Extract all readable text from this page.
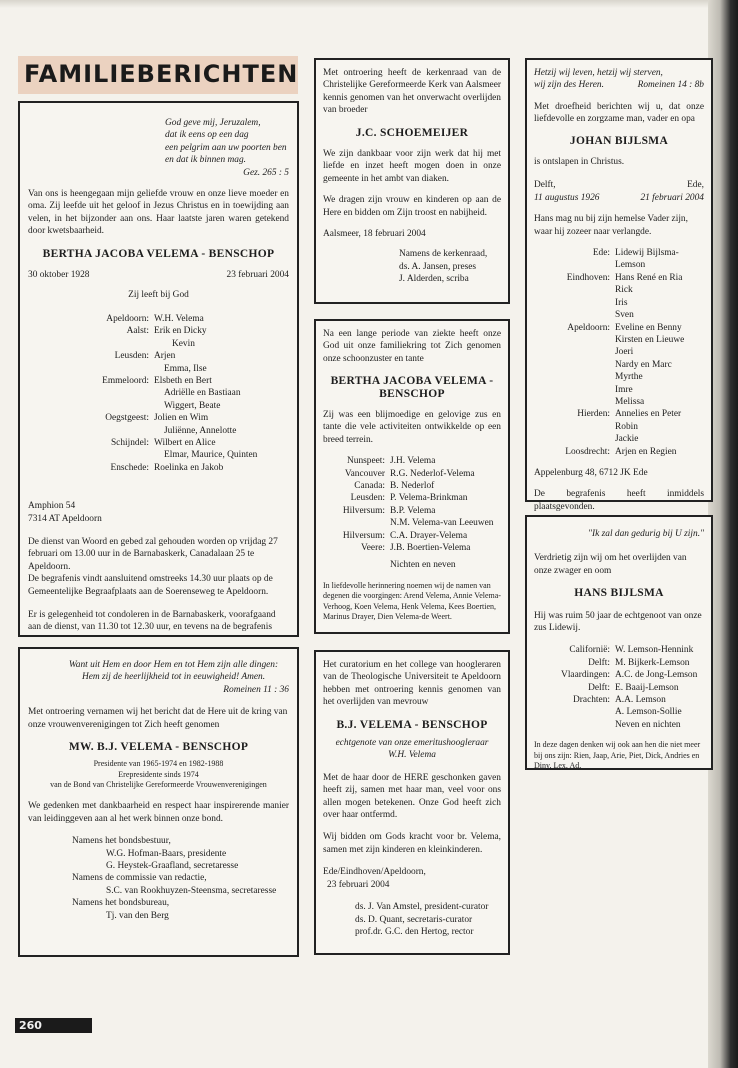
FAMILIEBERICHTEN

God geve mij, Jeruzalem,

dat ik eens op een dag

een pelgrim aan uw poorten ben

en dat ik binnen mag.

Gez. 265 : 5

Van ons is heengegaan mijn geliefde vrouw en onze lieve moeder en oma. Zij leefde uit het geloof in Jezus Christus en in toewijding aan velen, in het bijzonder aan ons. Haar laatste jaren waren getekend door kwetsbaarheid.

BERTHA JACOBA VELEMA - BENSCHOP

30 oktober 1928	23 februari 2004

Zij leeft bij God

Apeldoorn: W.H. Velema
Aalst: Erik en Dicky
Kevin
Leusden: Arjen
Emma, Ilse
Emmeloord: Elsbeth en Bert
Adriëlle en Bastiaan
Wiggert, Beate
Oegstgeest: Jolien en Wim
Juliënne, Annelotte
Schijndel: Wilbert en Alice
Elmar, Maurice, Quinten
Enschede: Roelinka en Jakob

Amphion 54

7314 AT Apeldoorn

De dienst van Woord en gebed zal gehouden worden op vrijdag 27 februari om 13.00 uur in de Barnabaskerk, Canadalaan 25 te Apeldoorn.

De begrafenis vindt aansluitend omstreeks 14.30 uur plaats op de Gemeentelijke Begraafplaats aan de Soerenseweg te Apeldoorn.

Er is gelegenheid tot condoleren in de Barnabaskerk, voorafgaand aan de dienst, van 11.30 tot 12.30 uur, en tevens na de begrafenis

Want uit Hem en door Hem en tot Hem zijn alle dingen:

Hem zij de heerlijkheid tot in eeuwigheid! Amen.

Romeinen 11 : 36

Met ontroering vernamen wij het bericht dat de Here uit de kring van onze vrouwenverenigingen tot Zich heeft genomen

MW. B.J. VELEMA - BENSCHOP

Presidente van 1965-1974 en 1982-1988

Erepresidente sinds 1974

van de Bond van Christelijke Gereformeerde Vrouwenverenigingen

We gedenken met dankbaarheid en respect haar inspirerende manier van leidinggeven aan al het werk binnen onze bond.

Namens het bondsbestuur,

W.G. Hofman-Baars, presidente

G. Heystek-Graafland, secretaresse

Namens de commissie van redactie,

S.C. van Rookhuyzen-Steensma, secretaresse

Namens het bondsbureau,

Tj. van den Berg

Met ontroering heeft de kerkenraad van de Christelijke Gereformeerde Kerk van Aalsmeer kennis genomen van het onverwacht overlijden van broeder

J.C. SCHOEMEIJER

We zijn dankbaar voor zijn werk dat hij met liefde en inzet heeft mogen doen in onze gemeente in het ambt van diaken.

We dragen zijn vrouw en kinderen op aan de Here en bidden om Zijn troost en nabijheid.

Aalsmeer, 18 februari 2004

Namens de kerkenraad,

ds. A. Jansen, preses

J. Alderden, scriba

Na een lange periode van ziekte heeft onze God uit onze familiekring tot Zich genomen onze schoonzuster en tante

BERTHA JACOBA VELEMA -

BENSCHOP

Zij was een blijmoedige en gelovige zus en tante die vele activiteiten ontwikkelde op een breed terrein.

Nunspeet: J.H. Velema
Vancouver R.G. Nederlof-Velema
Canada: B. Nederlof
Leusden: P. Velema-Brinkman
Hilversum: B.P. Velema
N.M. Velema-van Leeuwen
Hilversum: C.A. Drayer-Velema
Veere: J.B. Boertien-Velema
Nichten en neven

In liefdevolle herinnering noemen wij de namen van degenen die voorgingen: Arend Velema, Annie Velema-Verhoog, Koen Velema, Henk Velema, Kees Boertien, Marinus Drayer, Dien Velema-de Weert.

Het curatorium en het college van hoogleraren van de Theologische Universiteit te Apeldoorn hebben met ontroering kennis genomen van het overlijden van mevrouw

B.J. VELEMA - BENSCHOP

echtgenote van onze emeritushoogleraar

W.H. Velema

Met de haar door de HERE geschonken gaven heeft zij, samen met haar man, veel voor ons allen mogen betekenen. Onze God heeft zich over haar ontfermd.

Wij bidden om Gods kracht voor br. Velema, samen met zijn kinderen en kleinkinderen.

Ede/Eindhoven/Apeldoorn,

23 februari 2004

ds. J. Van Amstel, president-curator

ds. D. Quant, secretaris-curator

prof.dr. G.C. den Hertog, rector

Hetzij wij leven, hetzij wij sterven,

wij zijn des Heren.	Romeinen 14 : 8b

Met droefheid berichten wij u, dat onze liefdevolle en zorgzame man, vader en opa

JOHAN BIJLSMA

is ontslapen in Christus.

Delft,	Ede,
11 augustus 1926	21 februari 2004

Hans mag nu bij zijn hemelse Vader zijn, waar hij zozeer naar verlangde.

Ede: Lidewij Bijlsma-Lemson
Eindhoven: Hans René en Ria
Rick
Iris
Sven
Apeldoorn: Eveline en Benny
Kirsten en Lieuwe
Joeri
Nardy en Marc
Myrthe
Imre
Melissa
Hierden: Annelies en Peter
Robin
Jackie
Loosdrecht: Arjen en Regien

Appelenburg 48, 6712 JK Ede

De begrafenis heeft inmiddels plaatsgevonden.

"Ik zal dan gedurig bij U zijn."

Verdrietig zijn wij om het overlijden van onze zwager en oom

HANS BIJLSMA

Hij was ruim 50 jaar de echtgenoot van onze zus Lidewij.

Californië: W. Lemson-Hennink
Delft: M. Bijkerk-Lemson
Vlaardingen: A.C. de Jong-Lemson
Delft: E. Baaij-Lemson
Drachten: A.A. Lemson
A. Lemson-Sollie
Neven en nichten

In deze dagen denken wij ook aan hen die niet meer bij ons zijn: Rien, Jaap, Arie, Piet, Dick, Andries en Diny, Lex, Ad.

260
